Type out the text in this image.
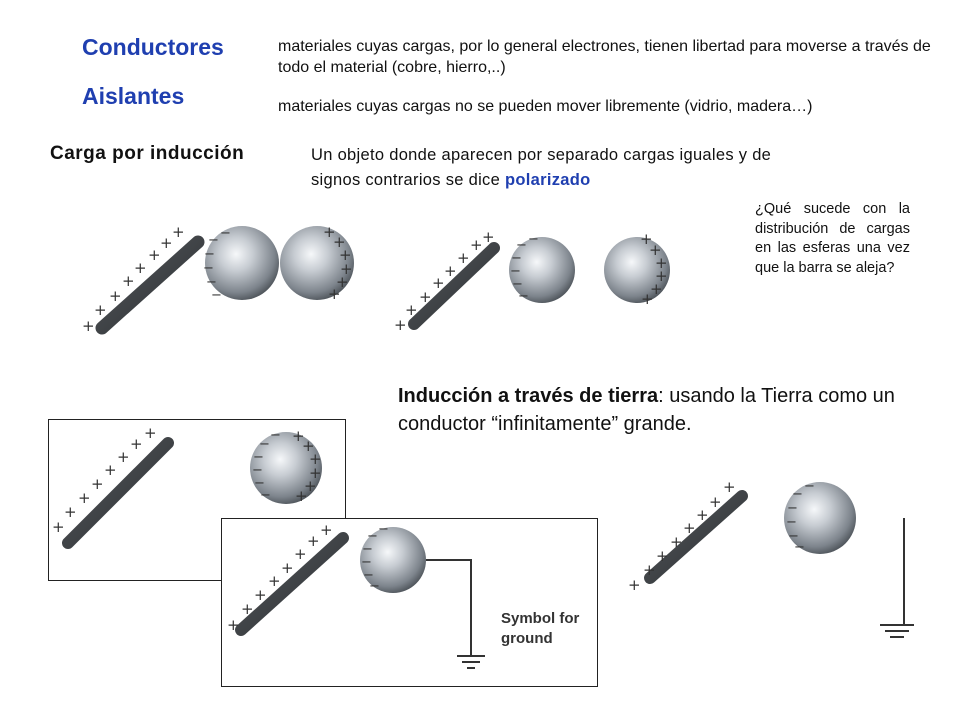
Conductores	materiales cuyas cargas, por lo general electrones, tienen libertad para moverse a través de todo el material (cobre, hierro,..)
Aislantes	materiales cuyas cargas no se pueden mover libremente (vidrio, madera…)
Carga por inducción	Un objeto donde aparecen por separado cargas iguales y de signos contrarios se dice polarizado
¿Qué sucede con la distribución de cargas en las esferas una vez que la barra se aleja?
Inducción a través de tierra: usando la Tierra como un conductor “infinitamente” grande.
+
+
+
+
+
+
+
+ −
−
−
−
−
−	+
+
+
+
+
+
+
+
+
+
+
+
+ + −
−
−
−
−
−	+
+
+
+
+
+
+
+
+
+
+
+
+
+
−
−
−
−
−
− +
+
+
+
+
+
+
+
+
+
+
+
+
+	−
−
−
−
−
−
Symbol for
ground
+
+
+
+
+
+
+
+	−
−
−
−
−
−
